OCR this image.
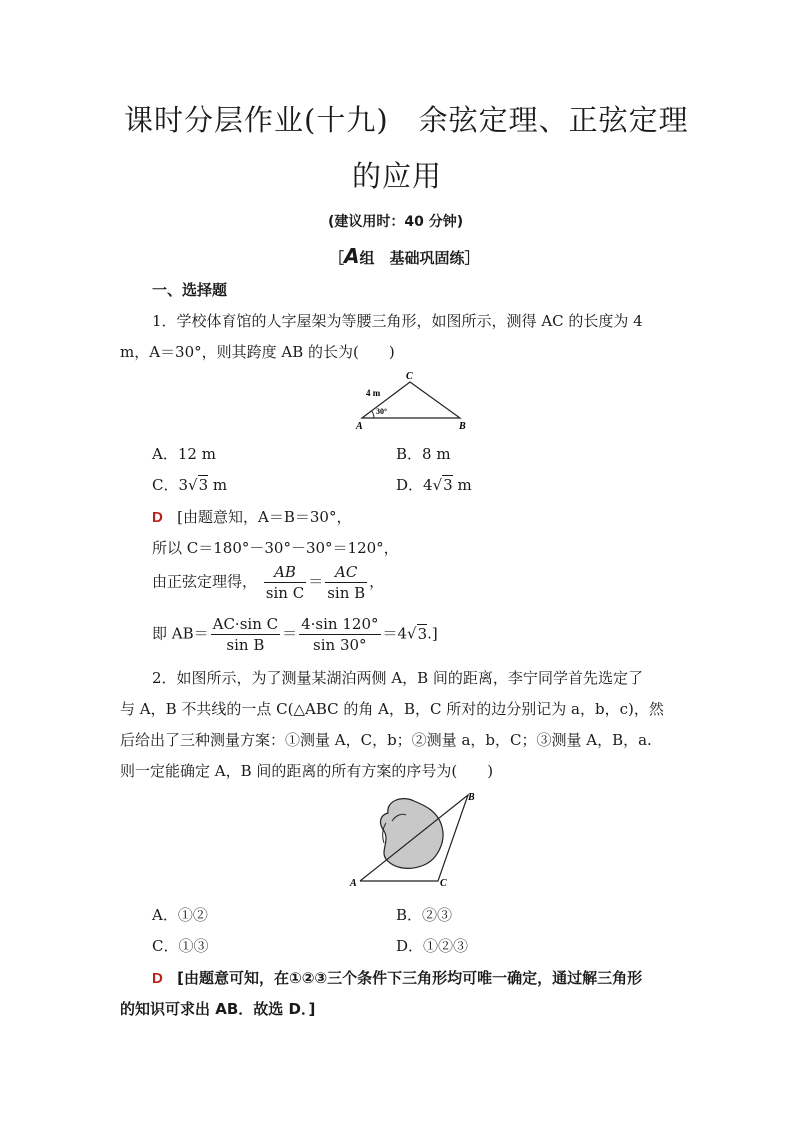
课时分层作业(十九)　余弦定理、正弦定理
的应用
(建议用时：40 分钟)
［A组　基础巩固练］
一、选择题
1．学校体育馆的人字屋架为等腰三角形，如图所示，测得 AC 的长度为 4
m，A＝30°，则其跨度 AB 的长为(　　)
C
A	B
4 m
30°
A．12 m	B．8 m
C．3√3 m	D．4√3 m
D [由题意知，A＝B＝30°，
所以 C＝180°－30°－30°＝120°，
由正弦定理得， $\frac{AB}{\text{sin C}} = \frac{AC}{\text{sin B}}$ ，
即 $AB= \frac{\text{AC·sin C}}{\text{sin B}} = \frac{4\cdot\sin 120^\circ}{\sin 30^\circ} =4√3$.]
2．如图所示，为了测量某湖泊两侧 A，B 间的距离，李宁同学首先选定了
与 A，B 不共线的一点 C(△ABC 的角 A，B，C 所对的边分别记为 a，b，c)，然
后给出了三种测量方案：①测量 A，C，b；②测量 a，b，C；③测量 A，B，a.
则一定能确定 A，B 间的距离的所有方案的序号为(　　)
A
B
C
A．①②	B．②③
C．①③	D．①②③
D [由题意可知，在①②③三个条件下三角形均可唯一确定，通过解三角形
的知识可求出 AB．故选 D．]
